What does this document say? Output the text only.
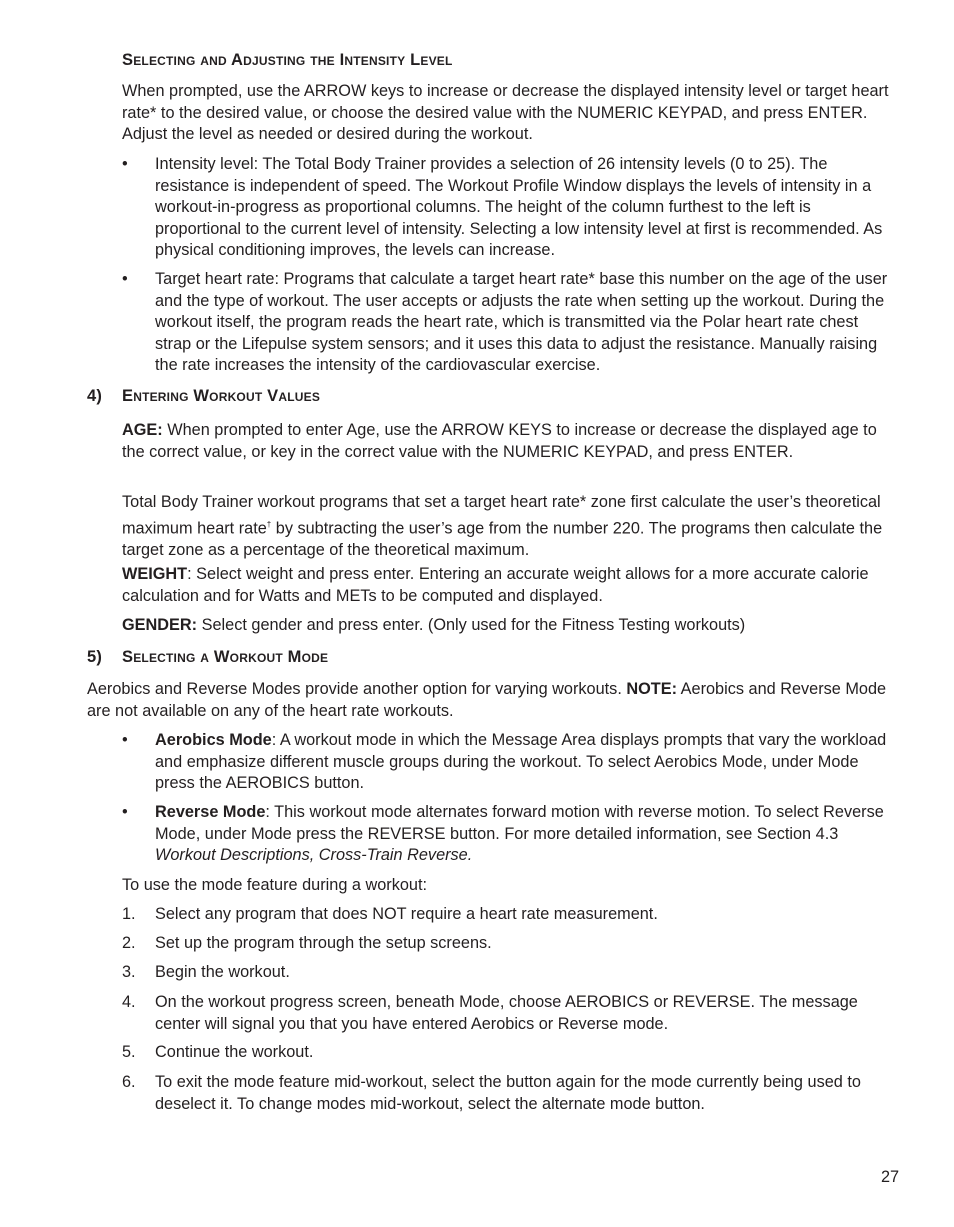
Selecting and Adjusting the Intensity Level

When prompted, use the ARROW keys to increase or decrease the displayed intensity level or target heart rate* to the desired value, or choose the desired value with the NUMERIC KEYPAD, and press ENTER. Adjust the level as needed or desired during the workout.

• Intensity level: The Total Body Trainer provides a selection of 26 intensity levels (0 to 25). The resistance is independent of speed. The Workout Profile Window displays the levels of intensity in a workout-in-progress as proportional columns. The height of the column furthest to the left is proportional to the current level of intensity. Selecting a low intensity level at first is recommended. As physical conditioning improves, the levels can increase.
• Target heart rate: Programs that calculate a target heart rate* base this number on the age of the user and the type of workout. The user accepts or adjusts the rate when setting up the workout. During the workout itself, the program reads the heart rate, which is transmitted via the Polar heart rate chest strap or the Lifepulse system sensors; and it uses this data to adjust the resistance. Manually raising the rate increases the intensity of the cardiovascular exercise.
4) Entering Workout Values

AGE: When prompted to enter Age, use the ARROW KEYS to increase or decrease the displayed age to the correct value, or key in the correct value with the NUMERIC KEYPAD, and press ENTER.

Total Body Trainer workout programs that set a target heart rate* zone first calculate the user’s theoretical maximum heart rate† by subtracting the user’s age from the number 220. The programs then calculate the target zone as a percentage of the theoretical maximum.

WEIGHT: Select weight and press enter. Entering an accurate weight allows for a more accurate calorie calculation and for Watts and METs to be computed and displayed.

GENDER: Select gender and press enter. (Only used for the Fitness Testing workouts)

5) Selecting a Workout Mode

Aerobics and Reverse Modes provide another option for varying workouts. NOTE: Aerobics and Reverse Mode are not available on any of the heart rate workouts.

• Aerobics Mode: A workout mode in which the Message Area displays prompts that vary the workload and emphasize different muscle groups during the workout. To select Aerobics Mode, under Mode press the AEROBICS button.
• Reverse Mode: This workout mode alternates forward motion with reverse motion. To select Reverse Mode, under Mode press the REVERSE button. For more detailed information, see Section 4.3 Workout Descriptions, Cross-Train Reverse.

To use the mode feature during a workout:

1. Select any program that does NOT require a heart rate measurement.
2. Set up the program through the setup screens.
3. Begin the workout.
4. On the workout progress screen, beneath Mode, choose AEROBICS or REVERSE. The message center will signal you that you have entered Aerobics or Reverse mode.
5. Continue the workout.
6. To exit the mode feature mid-workout, select the button again for the mode currently being used to deselect it. To change modes mid-workout, select the alternate mode button.
27
